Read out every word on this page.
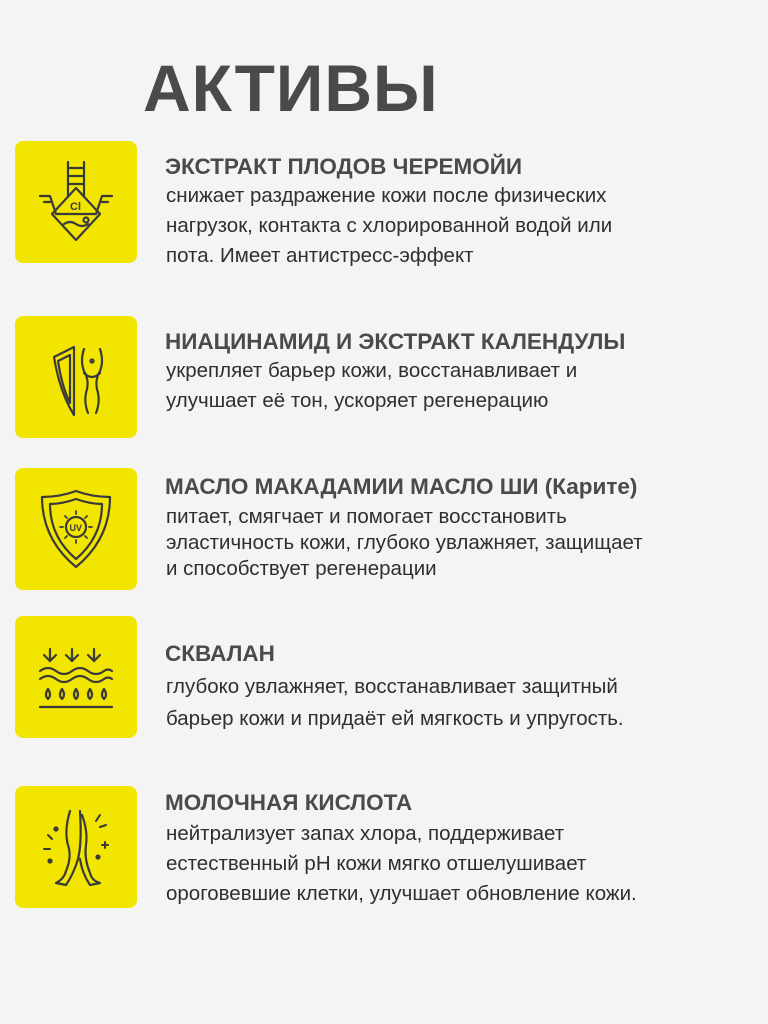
АКТИВЫ
Cl
ЭКСТРАКТ ПЛОДОВ ЧЕРЕМОЙИ
снижает раздражение кожи после физических
нагрузок, контакта с хлорированной водой или
пота. Имеет антистресс-эффект
НИАЦИНАМИД И ЭКСТРАКТ КАЛЕНДУЛЫ
укрепляет барьер кожи, восстанавливает и
улучшает её тон, ускоряет регенерацию
UV
МАСЛО МАКАДАМИИ МАСЛО ШИ (Карите)
питает, смягчает и помогает восстановить
эластичность кожи, глубоко увлажняет, защищает
и способствует регенерации
СКВАЛАН
глубоко увлажняет, восстанавливает защитный
барьер кожи и придаёт ей мягкость и упругость.
МОЛОЧНАЯ КИСЛОТА
нейтрализует запах хлора, поддерживает
естественный рН кожи мягко отшелушивает
ороговевшие клетки, улучшает обновление кожи.
